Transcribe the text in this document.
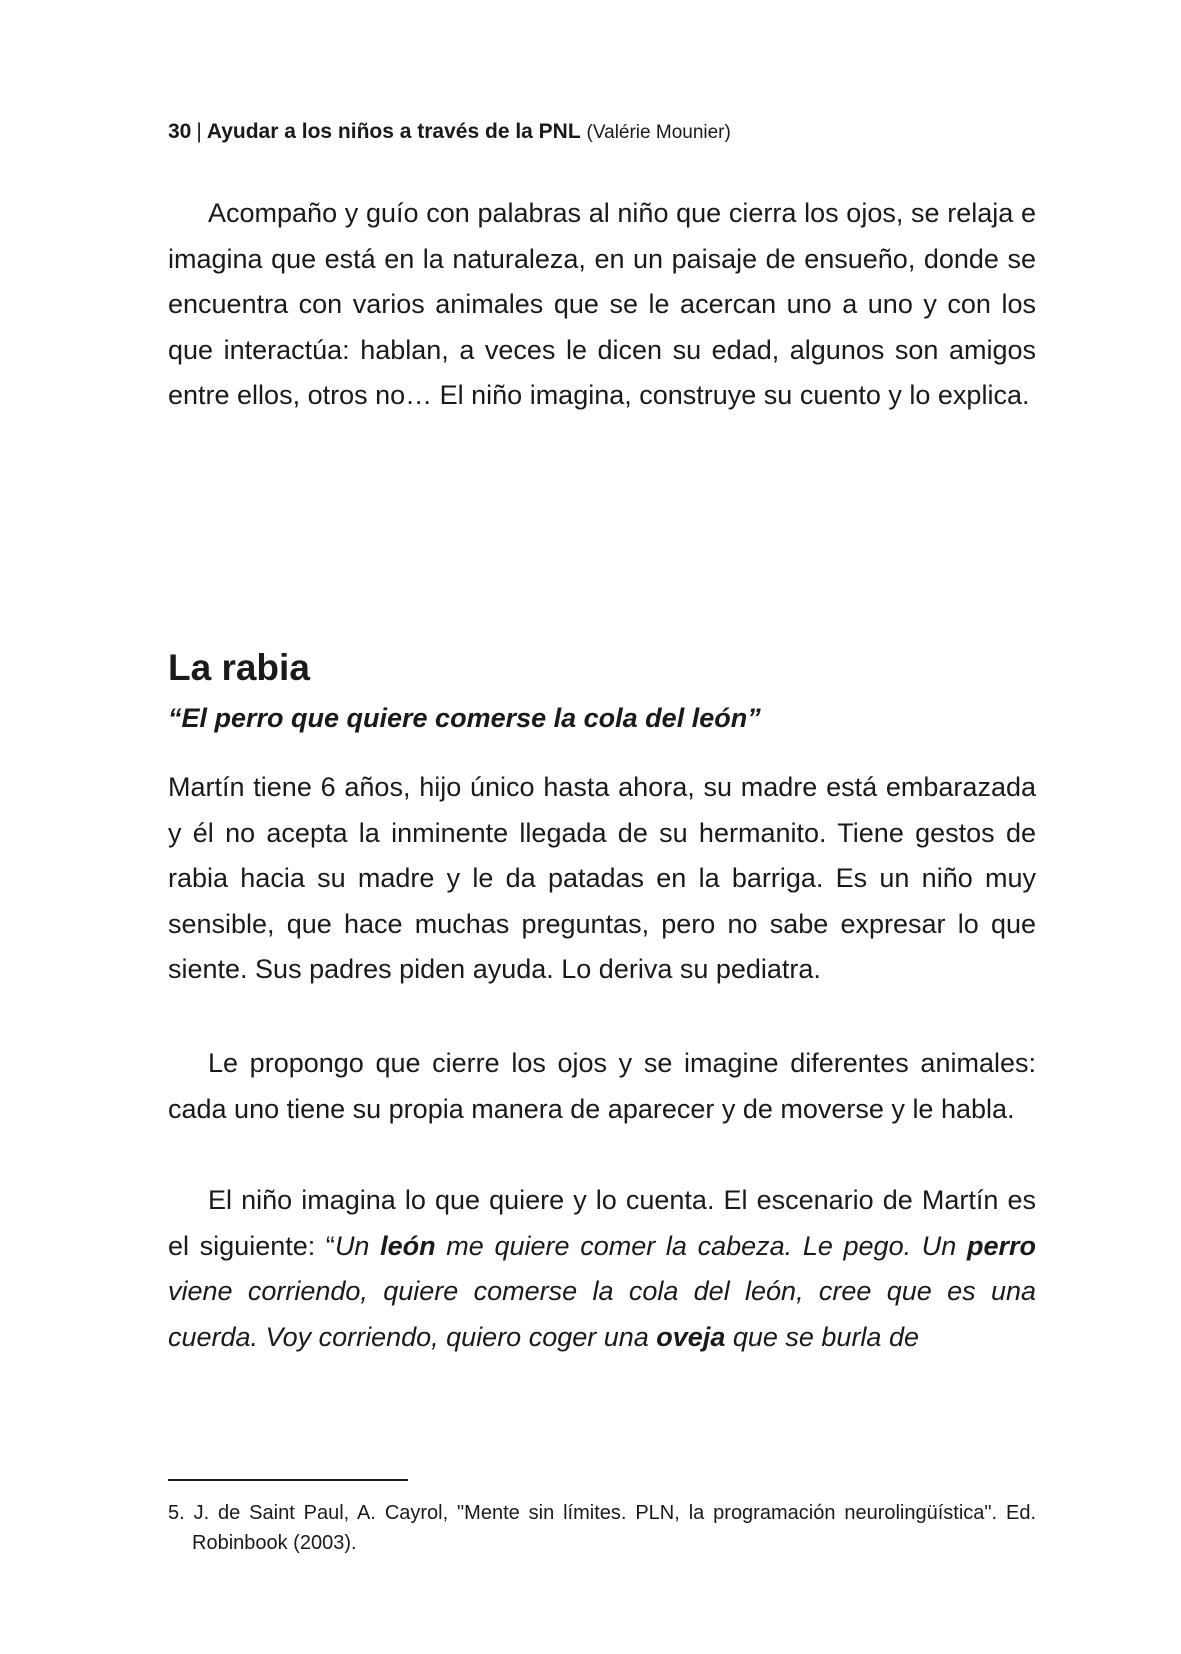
30 | Ayudar a los niños a través de la PNL (Valérie Mounier)

Acompaño y guío con palabras al niño que cierra los ojos, se relaja e imagina que está en la naturaleza, en un paisaje de ensueño, donde se encuentra con varios animales que se le acercan uno a uno y con los que interactúa: hablan, a veces le dicen su edad, algunos son amigos entre ellos, otros no… El niño imagina, construye su cuento y lo explica.

La rabia
“El perro que quiere comerse la cola del león”

Martín tiene 6 años, hijo único hasta ahora, su madre está embarazada y él no acepta la inminente llegada de su hermanito. Tiene gestos de rabia hacia su madre y le da patadas en la barriga. Es un niño muy sensible, que hace muchas preguntas, pero no sabe expresar lo que siente. Sus padres piden ayuda. Lo deriva su pediatra.

Le propongo que cierre los ojos y se imagine diferentes animales: cada uno tiene su propia manera de aparecer y de moverse y le habla.

El niño imagina lo que quiere y lo cuenta. El escenario de Martín es el siguiente: “Un león me quiere comer la cabeza. Le pego. Un perro viene corriendo, quiere comerse la cola del león, cree que es una cuerda. Voy corriendo, quiero coger una oveja que se burla de

5. J. de Saint Paul, A. Cayrol, "Mente sin límites. PLN, la programación neurolingüística". Ed. Robinbook (2003).
